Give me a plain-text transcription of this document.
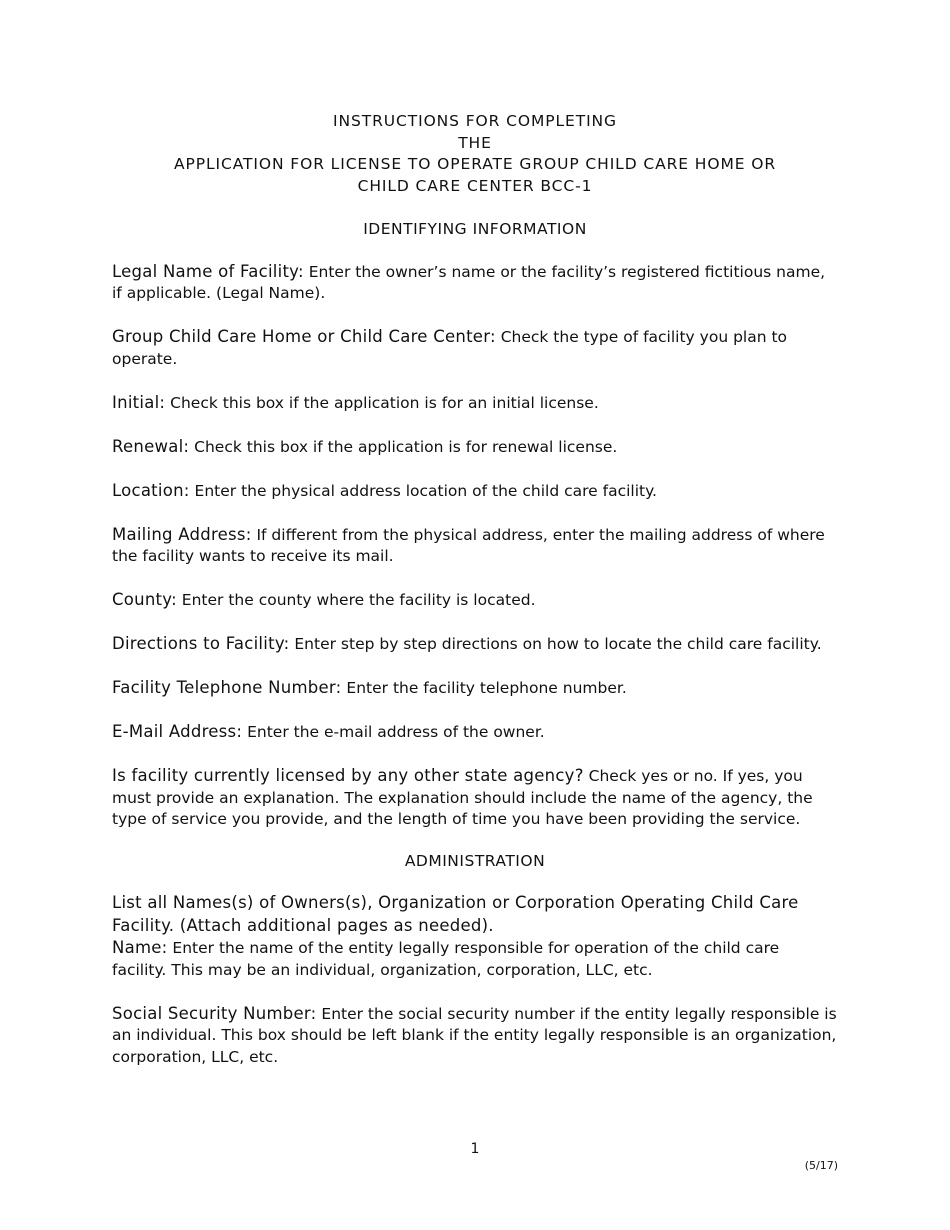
INSTRUCTIONS FOR COMPLETING

THE

APPLICATION FOR LICENSE TO OPERATE GROUP CHILD CARE HOME OR

CHILD CARE CENTER BCC-1

IDENTIFYING INFORMATION

Legal Name of Facility: Enter the owner’s name or the facility’s registered fictitious name, if applicable. (Legal Name).

Group Child Care Home or Child Care Center: Check the type of facility you plan to operate.

Initial: Check this box if the application is for an initial license.

Renewal: Check this box if the application is for renewal license.

Location: Enter the physical address location of the child care facility.

Mailing Address: If different from the physical address, enter the mailing address of where the facility wants to receive its mail.

County: Enter the county where the facility is located.

Directions to Facility: Enter step by step directions on how to locate the child care facility.

Facility Telephone Number: Enter the facility telephone number.

E-Mail Address: Enter the e-mail address of the owner.

Is facility currently licensed by any other state agency? Check yes or no. If yes, you must provide an explanation. The explanation should include the name of the agency, the type of service you provide, and the length of time you have been providing the service.

ADMINISTRATION

List all Names(s) of Owners(s), Organization or Corporation Operating Child Care Facility. (Attach additional pages as needed).

Name: Enter the name of the entity legally responsible for operation of the child care facility. This may be an individual, organization, corporation, LLC, etc.

Social Security Number: Enter the social security number if the entity legally responsible is an individual. This box should be left blank if the entity legally responsible is an organization, corporation, LLC, etc.

1

(5/17)
